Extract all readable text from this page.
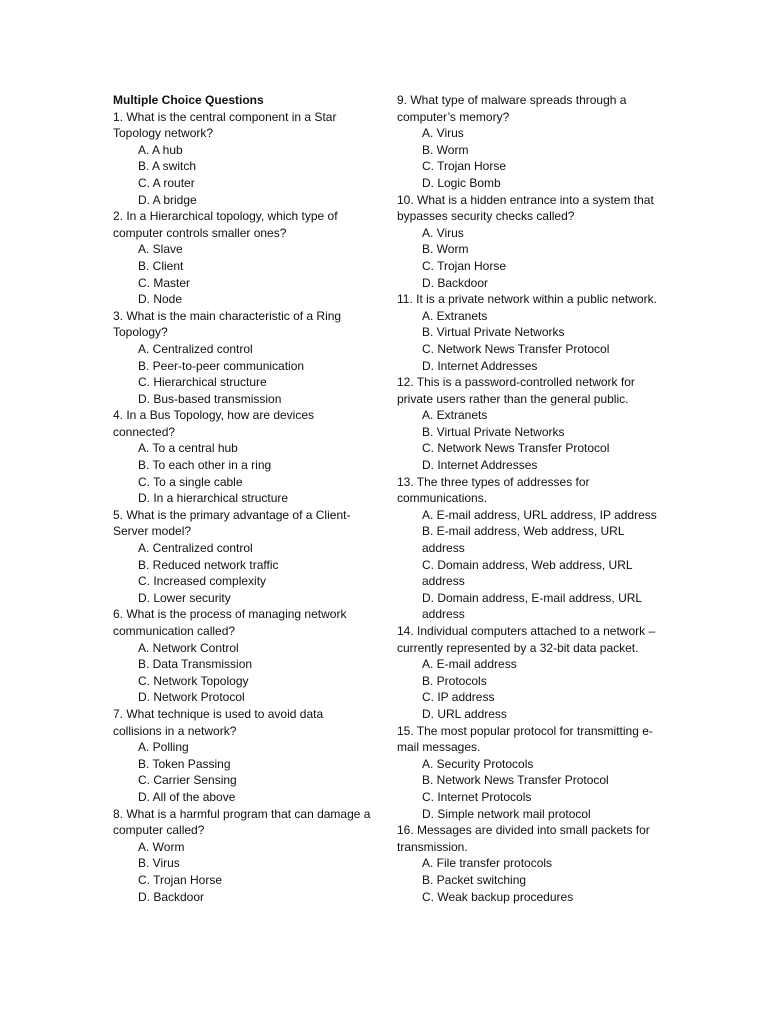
Multiple Choice Questions

1. What is the central component in a Star Topology network?

A. A hub

B. A switch

C. A router

D. A bridge

2. In a Hierarchical topology, which type of computer controls smaller ones?

A. Slave

B. Client

C. Master

D. Node

3. What is the main characteristic of a Ring Topology?

A. Centralized control

B. Peer-to-peer communication

C. Hierarchical structure

D. Bus-based transmission

4. In a Bus Topology, how are devices connected?

A. To a central hub

B. To each other in a ring

C. To a single cable

D. In a hierarchical structure

5. What is the primary advantage of a Client-Server model?

A. Centralized control

B. Reduced network traffic

C. Increased complexity

D. Lower security

6. What is the process of managing network communication called?

A. Network Control

B. Data Transmission

C. Network Topology

D. Network Protocol

7. What technique is used to avoid data collisions in a network?

A. Polling

B. Token Passing

C. Carrier Sensing

D. All of the above

8. What is a harmful program that can damage a computer called?

A. Worm

B. Virus

C. Trojan Horse

D. Backdoor

9. What type of malware spreads through a computer’s memory?

A. Virus

B. Worm

C. Trojan Horse

D. Logic Bomb

10. What is a hidden entrance into a system that bypasses security checks called?

A. Virus

B. Worm

C. Trojan Horse

D. Backdoor

11. It is a private network within a public network.

A. Extranets

B. Virtual Private Networks

C. Network News Transfer Protocol

D. Internet Addresses

12. This is a password-controlled network for private users rather than the general public.

A. Extranets

B. Virtual Private Networks

C. Network News Transfer Protocol

D. Internet Addresses

13. The three types of addresses for communications.

A. E-mail address, URL address, IP address

B. E-mail address, Web address, URL address

C. Domain address, Web address, URL address

D. Domain address, E-mail address, URL address

14. Individual computers attached to a network – currently represented by a 32-bit data packet.

A. E-mail address

B. Protocols

C. IP address

D. URL address

15. The most popular protocol for transmitting e-mail messages.

A. Security Protocols

B. Network News Transfer Protocol

C. Internet Protocols

D. Simple network mail protocol

16. Messages are divided into small packets for transmission.

A. File transfer protocols

B. Packet switching

C. Weak backup procedures
